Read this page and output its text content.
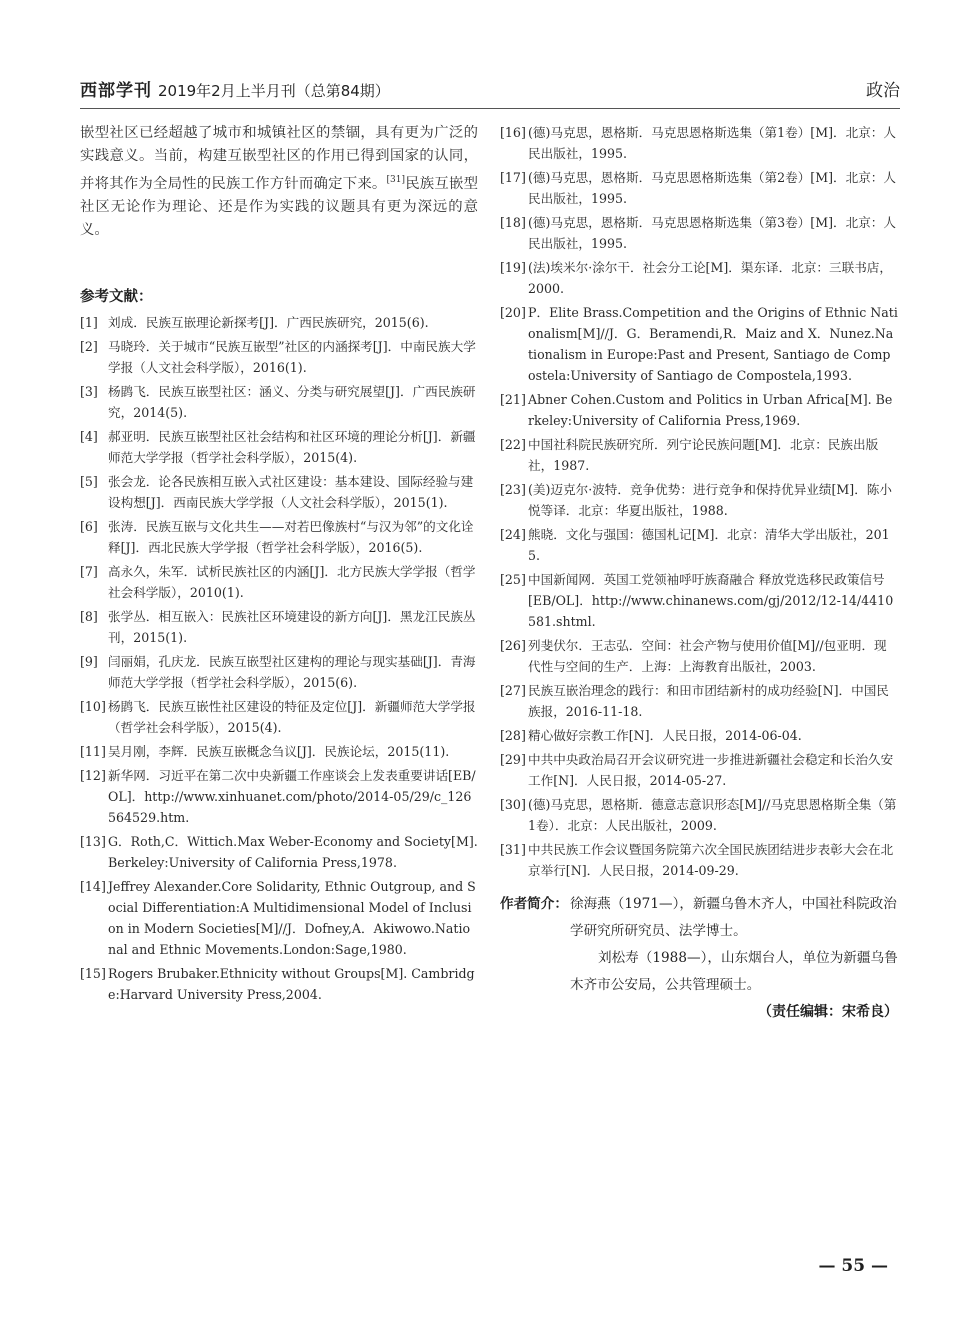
西部学刊 2019年2月上半月刊（总第84期）	政治

嵌型社区已经超越了城市和城镇社区的禁锢，具有更为广泛的实践意义。当前，构建互嵌型社区的作用已得到国家的认同，并将其作为全局性的民族工作方针而确定下来。[31]民族互嵌型社区无论作为理论、还是作为实践的议题具有更为深远的意义。

参考文献：
[1] 刘成．民族互嵌理论新探考[J]．广西民族研究，2015(6).
[2] 马晓玲．关于城市“民族互嵌型”社区的内涵探考[J]．中南民族大学学报（人文社会科学版），2016(1).
[3] 杨鹍飞．民族互嵌型社区：涵义、分类与研究展望[J]．广西民族研究，2014(5).
[4] 郝亚明．民族互嵌型社区社会结构和社区环境的理论分析[J]．新疆师范大学学报（哲学社会科学版），2015(4).
[5] 张会龙．论各民族相互嵌入式社区建设：基本建设、国际经验与建设构想[J]．西南民族大学学报（人文社会科学版），2015(1).
[6] 张涛．民族互嵌与文化共生——对若巴像族村“与汉为邻”的文化诠释[J]．西北民族大学学报（哲学社会科学版），2016(5).
[7] 高永久，朱军．试析民族社区的内涵[J]．北方民族大学学报（哲学社会科学版），2010(1).
[8] 张学丛．相互嵌入：民族社区环境建设的新方向[J]．黑龙江民族丛刊，2015(1).
[9] 闫丽娟，孔庆龙．民族互嵌型社区建构的理论与现实基础[J]．青海师范大学学报（哲学社会科学版），2015(6).
[10] 杨鹍飞．民族互嵌性社区建设的特征及定位[J]．新疆师范大学学报（哲学社会科学版），2015(4).
[11] 吴月刚，李辉．民族互嵌概念刍议[J]．民族论坛，2015(11).
[12] 新华网．习近平在第二次中央新疆工作座谈会上发表重要讲话[EB/OL]．http://www.xinhuanet.com/photo/2014-05/29/c_126564529.htm.
[13] G．Roth,C．Wittich.Max Weber-Economy and Society[M]. Berkeley:University of California Press,1978.
[14] Jeffrey Alexander.Core Solidarity, Ethnic Outgroup, and Social Differentiation:A Multidimensional Model of Inclusion in Modern Societies[M]//J．Dofney,A．Akiwowo.National and Ethnic Movements.London:Sage,1980.
[15] Rogers Brubaker.Ethnicity without Groups[M]. Cambridge:Harvard University Press,2004.
[16] (德)马克思，恩格斯．马克思恩格斯选集（第1卷）[M]．北京：人民出版社，1995.
[17] (德)马克思，恩格斯．马克思恩格斯选集（第2卷）[M]．北京：人民出版社，1995.
[18] (德)马克思，恩格斯．马克思恩格斯选集（第3卷）[M]．北京：人民出版社，1995.
[19] (法)埃米尔·涂尔干．社会分工论[M]．渠东译．北京：三联书店，2000.
[20] P．Elite Brass.Competition and the Origins of Ethnic Nationalism[M]//J．G．Beramendi,R．Maiz and X．Nunez.Nationalism in Europe:Past and Present, Santiago de Compostela:University of Santiago de Compostela,1993.
[21] Abner Cohen.Custom and Politics in Urban Africa[M]. Berkeley:University of California Press,1969.
[22] 中国社科院民族研究所．列宁论民族问题[M]．北京：民族出版社，1987.
[23] (美)迈克尔·波特．竞争优势：进行竞争和保持优异业绩[M]．陈小悦等译．北京：华夏出版社，1988.
[24] 熊晓．文化与强国：德国札记[M]．北京：清华大学出版社，2015.
[25] 中国新闻网．英国工党领袖呼吁族裔融合 释放党选移民政策信号[EB/OL]．http://www.chinanews.com/gj/2012/12-14/4410581.shtml.
[26] 列斐伏尔．王志弘．空间：社会产物与使用价值[M]//包亚明．现代性与空间的生产．上海：上海教育出版社，2003.
[27] 民族互嵌治理念的践行：和田市团结新村的成功经验[N]．中国民族报，2016-11-18.
[28] 精心做好宗教工作[N]．人民日报，2014-06-04.
[29] 中共中央政治局召开会议研究进一步推进新疆社会稳定和长治久安工作[N]．人民日报，2014-05-27.
[30] (德)马克思，恩格斯．德意志意识形态[M]//马克思恩格斯全集（第1卷）．北京：人民出版社，2009.
[31] 中共民族工作会议暨国务院第六次全国民族团结进步表彰大会在北京举行[N]．人民日报，2014-09-29.
作者简介： 徐海燕（1971—），新疆乌鲁木齐人，中国社科院政治学研究所研究员、法学博士。
刘松寿（1988—），山东烟台人，单位为新疆乌鲁木齐市公安局，公共管理硕士。
（责任编辑：宋希良）
— 55 —
